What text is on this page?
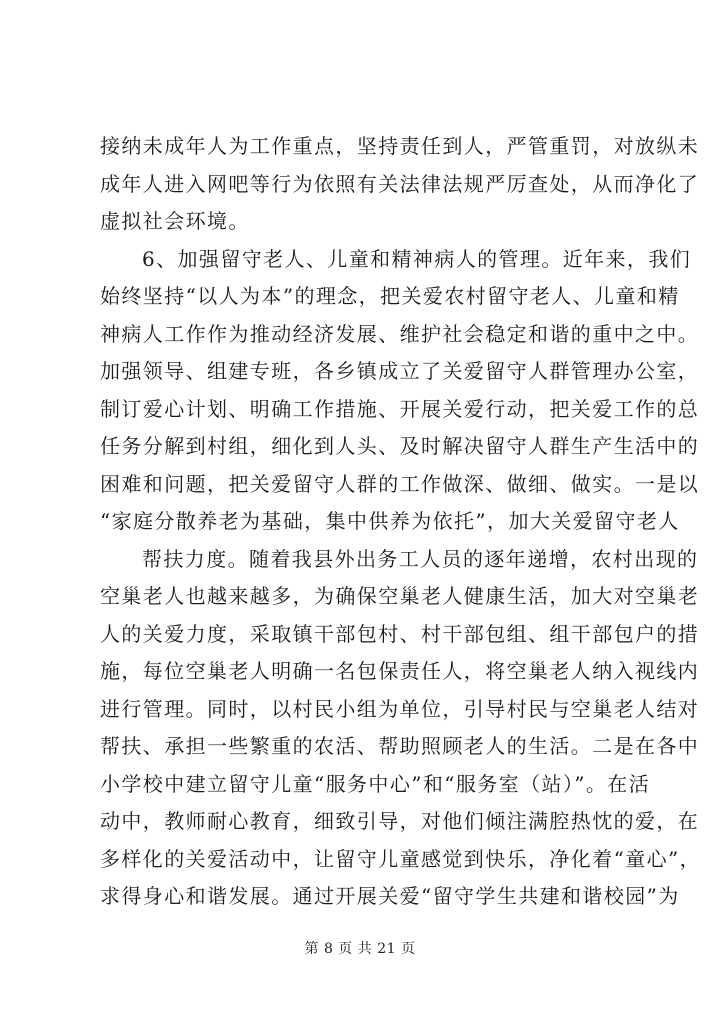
接纳未成年人为工作重点，坚持责任到人，严管重罚，对放纵未
成年人进入网吧等行为依照有关法律法规严厉查处，从而净化了
虚拟社会环境。
6、加强留守老人、儿童和精神病人的管理。近年来，我们
始终坚持“以人为本”的理念，把关爱农村留守老人、儿童和精
神病人工作作为推动经济发展、维护社会稳定和谐的重中之中。
加强领导、组建专班，各乡镇成立了关爱留守人群管理办公室，
制订爱心计划、明确工作措施、开展关爱行动，把关爱工作的总
任务分解到村组，细化到人头、及时解决留守人群生产生活中的
困难和问题，把关爱留守人群的工作做深、做细、做实。一是以
“家庭分散养老为基础，集中供养为依托”，加大关爱留守老人
帮扶力度。随着我县外出务工人员的逐年递增，农村出现的
空巢老人也越来越多，为确保空巢老人健康生活，加大对空巢老
人的关爱力度，采取镇干部包村、村干部包组、组干部包户的措
施，每位空巢老人明确一名包保责任人，将空巢老人纳入视线内
进行管理。同时，以村民小组为单位，引导村民与空巢老人结对
帮扶、承担一些繁重的农活、帮助照顾老人的生活。二是在各中
小学校中建立留守儿童“服务中心”和“服务室（站）”。在活
动中，教师耐心教育，细致引导，对他们倾注满腔热忱的爱，在
多样化的关爱活动中，让留守儿童感觉到快乐，净化着“童心”，
求得身心和谐发展。通过开展关爱“留守学生共建和谐校园”为
第 8 页 共 21 页
